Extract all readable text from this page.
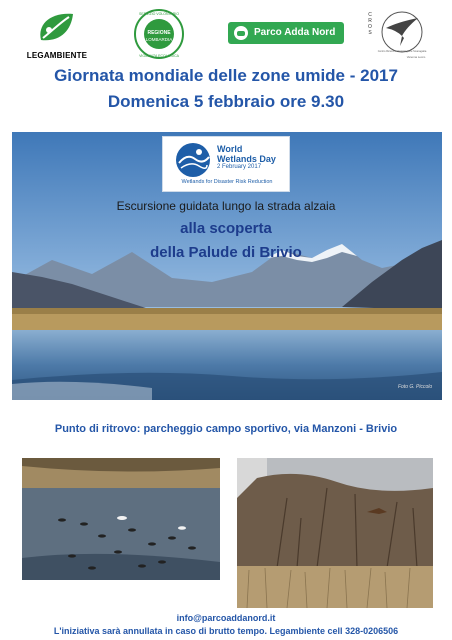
LEGAMBIENTE
REGIONE
LOMBARDIA
SERVIZIO VOLONTARIO
VIGILANZA ECOLOGICA
Parco Adda Nord
C
R
O
S
Centro Ricerche Ornitologiche Scanagatta
Varenna Lecco
Giornata mondiale delle zone umide - 2017
Domenica 5 febbraio ore 9.30
World
Wetlands Day
2 February 2017
Wetlands for Disaster Risk Reduction
Escursione guidata lungo la strada alzaia
alla scoperta
della Palude di Brivio
Foto G. Piccolo
Punto di ritrovo: parcheggio campo sportivo, via Manzoni - Brivio
info@parcoaddanord.it
L'iniziativa sarà annullata in caso di brutto tempo. Legambiente cell 328-0206506
